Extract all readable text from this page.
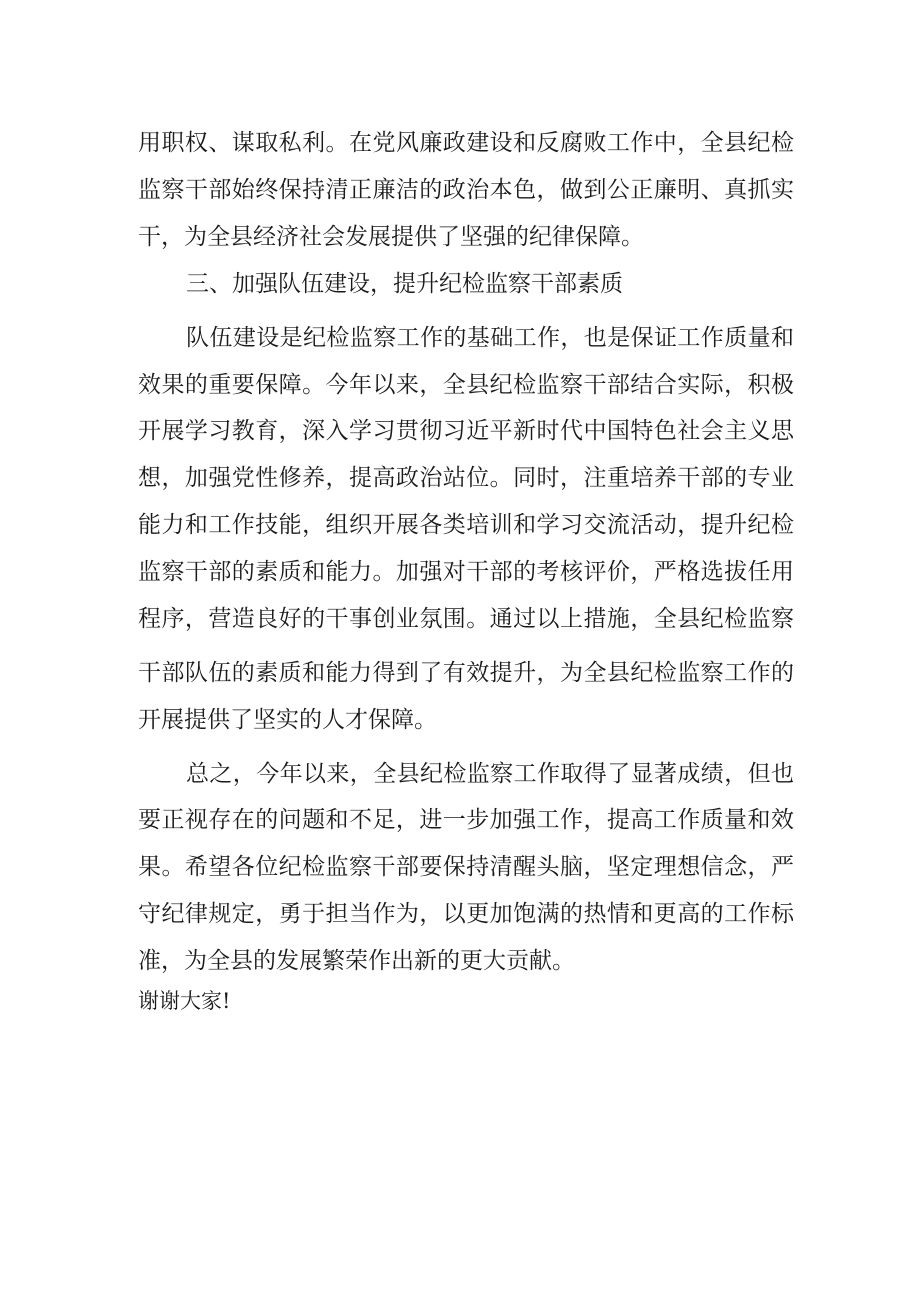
用职权、谋取私利。在党风廉政建设和反腐败工作中，全县纪检
监察干部始终保持清正廉洁的政治本色，做到公正廉明、真抓实
干，为全县经济社会发展提供了坚强的纪律保障。
三、加强队伍建设，提升纪检监察干部素质
队伍建设是纪检监察工作的基础工作，也是保证工作质量和
效果的重要保障。今年以来，全县纪检监察干部结合实际，积极
开展学习教育，深入学习贯彻习近平新时代中国特色社会主义思
想，加强党性修养，提高政治站位。同时，注重培养干部的专业
能力和工作技能，组织开展各类培训和学习交流活动，提升纪检
监察干部的素质和能力。加强对干部的考核评价，严格选拔任用
程序，营造良好的干事创业氛围。通过以上措施，全县纪检监察
干部队伍的素质和能力得到了有效提升，为全县纪检监察工作的
开展提供了坚实的人才保障。
总之，今年以来，全县纪检监察工作取得了显著成绩，但也
要正视存在的问题和不足，进一步加强工作，提高工作质量和效
果。希望各位纪检监察干部要保持清醒头脑，坚定理想信念，严
守纪律规定，勇于担当作为，以更加饱满的热情和更高的工作标
准，为全县的发展繁荣作出新的更大贡献。
谢谢大家!
